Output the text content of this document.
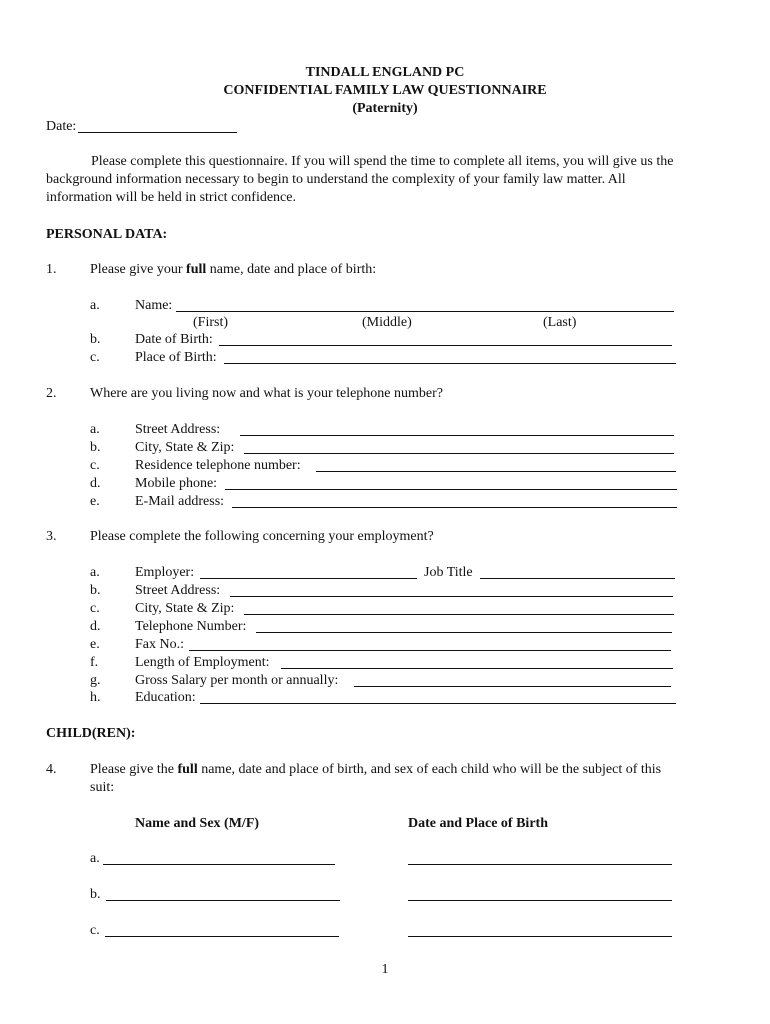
TINDALL ENGLAND PC
CONFIDENTIAL FAMILY LAW QUESTIONNAIRE
(Paternity)
Date:
Please complete this questionnaire. If you will spend the time to complete all items, you will give us the background information necessary to begin to understand the complexity of your family law matter. All information will be held in strict confidence.
PERSONAL DATA:
1. Please give your full name, date and place of birth:
a.	Name:
(First)	(Middle)	(Last)
b. Date of Birth:
c.	Place of Birth:
2. Where are you living now and what is your telephone number?
a.	Street Address:
b. City, State & Zip:
c.	Residence telephone number:
d. Mobile phone:
e.	E-Mail address:
3. Please complete the following concerning your employment?
a.	Employer:	Job Title
b. Street Address:
c.	City, State & Zip:
d. Telephone Number:
e.	Fax No.:
f.	Length of Employment:
g. Gross Salary per month or annually:
h. Education:
CHILD(REN):
4. Please give the full name, date and place of birth, and sex of each child who will be the subject of this suit:
Name and Sex (M/F)	Date and Place of Birth
a.
b.
c.
1
